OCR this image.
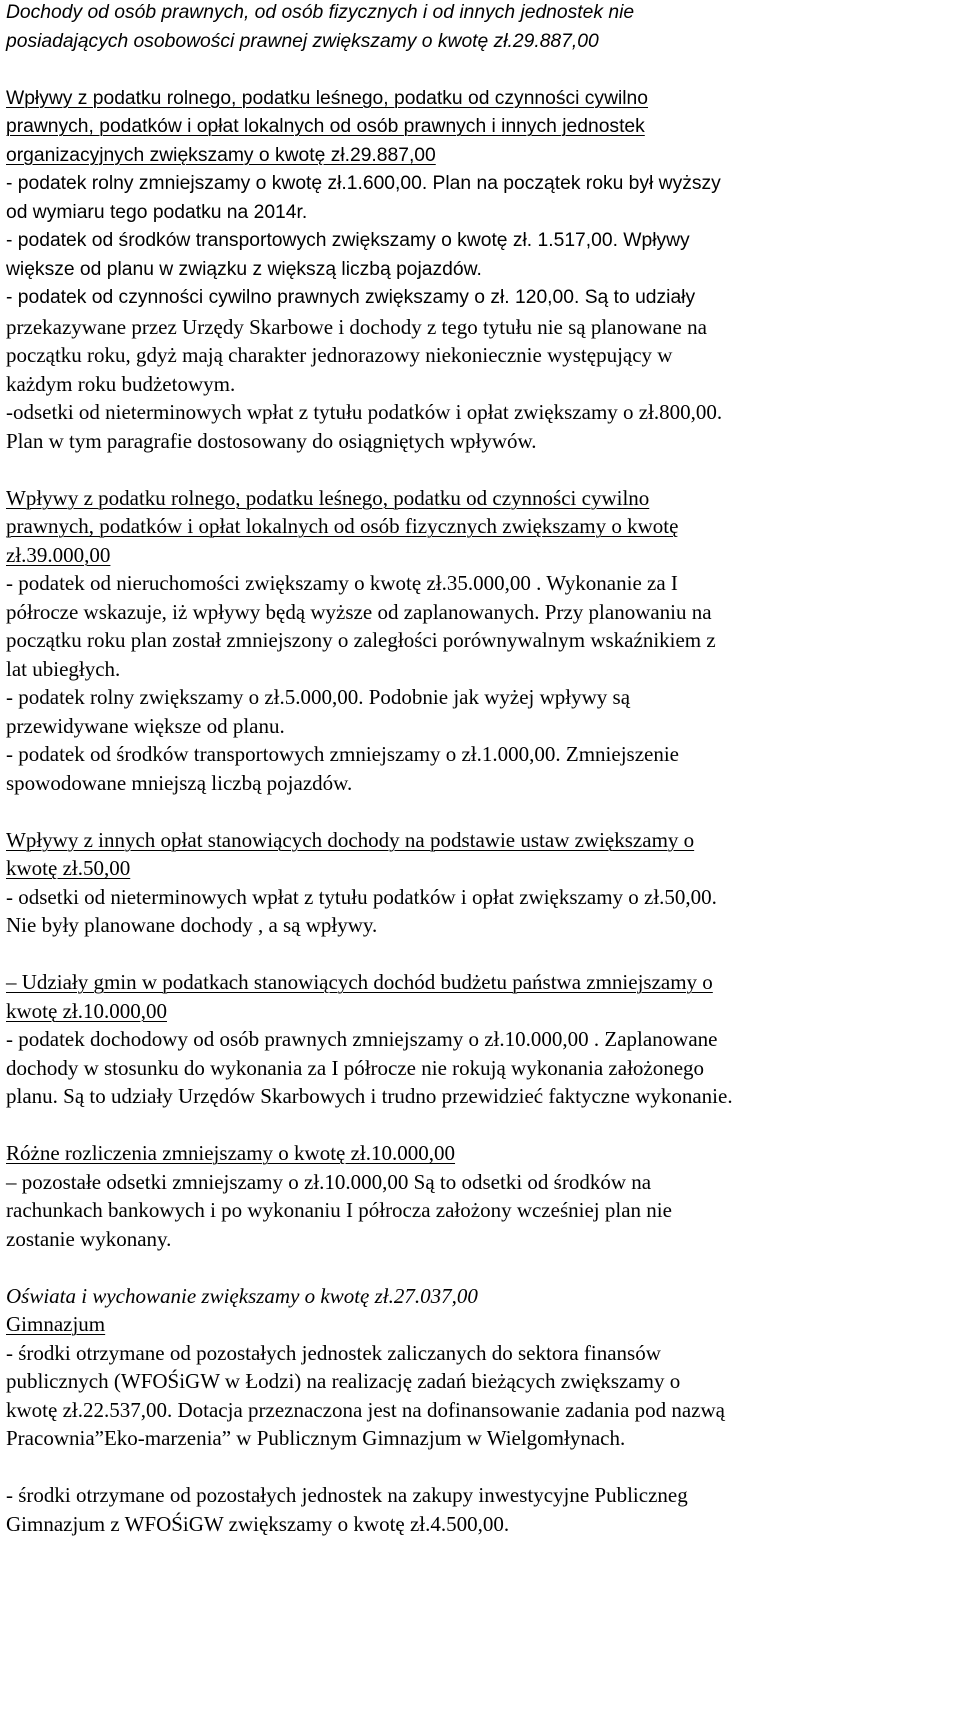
Dochody od osób prawnych, od osób fizycznych i od innych jednostek nie
posiadających osobowości prawnej zwiększamy o kwotę zł.29.887,00
Wpływy z podatku rolnego, podatku leśnego, podatku od czynności cywilno
prawnych, podatków i opłat lokalnych od osób prawnych i innych jednostek
organizacyjnych zwiększamy o kwotę zł.29.887,00
- podatek rolny zmniejszamy o kwotę zł.1.600,00. Plan na początek roku był wyższy
od wymiaru tego podatku na 2014r.
- podatek od środków transportowych zwiększamy o kwotę zł. 1.517,00. Wpływy
większe od planu w związku z większą liczbą pojazdów.
- podatek od czynności cywilno prawnych zwiększamy o zł. 120,00. Są to udziały
przekazywane przez Urzędy Skarbowe i dochody z tego tytułu nie są planowane na
początku roku, gdyż mają charakter jednorazowy niekoniecznie występujący w
każdym roku budżetowym.
-odsetki od nieterminowych wpłat z tytułu podatków i opłat zwiększamy o zł.800,00.
Plan w tym paragrafie dostosowany do osiągniętych wpływów.
Wpływy z podatku rolnego, podatku leśnego, podatku od czynności cywilno
prawnych, podatków i opłat lokalnych od osób fizycznych zwiększamy o kwotę
zł.39.000,00
- podatek od nieruchomości zwiększamy o kwotę zł.35.000,00 . Wykonanie za I
półrocze wskazuje, iż wpływy będą wyższe od zaplanowanych. Przy planowaniu na
początku roku plan został zmniejszony o zaległości porównywalnym wskaźnikiem z
lat ubiegłych.
- podatek rolny zwiększamy o zł.5.000,00. Podobnie jak wyżej wpływy są
przewidywane większe od planu.
- podatek od środków transportowych zmniejszamy o zł.1.000,00. Zmniejszenie
spowodowane mniejszą liczbą pojazdów.
Wpływy z innych opłat stanowiących dochody na podstawie ustaw zwiększamy o
kwotę zł.50,00
- odsetki od nieterminowych wpłat z tytułu podatków i opłat zwiększamy o zł.50,00.
Nie były planowane dochody , a są wpływy.
– Udziały gmin w podatkach stanowiących dochód budżetu państwa zmniejszamy o
kwotę zł.10.000,00
- podatek dochodowy od osób prawnych zmniejszamy o zł.10.000,00 . Zaplanowane
dochody w stosunku do wykonania za I półrocze nie rokują wykonania założonego
planu. Są to udziały Urzędów Skarbowych i trudno przewidzieć faktyczne wykonanie.
Różne rozliczenia zmniejszamy o kwotę zł.10.000,00
– pozostałe odsetki zmniejszamy o zł.10.000,00 Są to odsetki od środków na
rachunkach bankowych i po wykonaniu I półrocza założony wcześniej plan nie
zostanie wykonany.
Oświata i wychowanie zwiększamy o kwotę zł.27.037,00
Gimnazjum
- środki otrzymane od pozostałych jednostek zaliczanych do sektora finansów
publicznych (WFOŚiGW w Łodzi) na realizację zadań bieżących zwiększamy o
kwotę zł.22.537,00. Dotacja przeznaczona jest na dofinansowanie zadania pod nazwą
Pracownia”Eko-marzenia” w Publicznym Gimnazjum w Wielgomłynach.
- środki otrzymane od pozostałych jednostek na zakupy inwestycyjne Publiczneg
Gimnazjum z WFOŚiGW zwiększamy o kwotę zł.4.500,00.
